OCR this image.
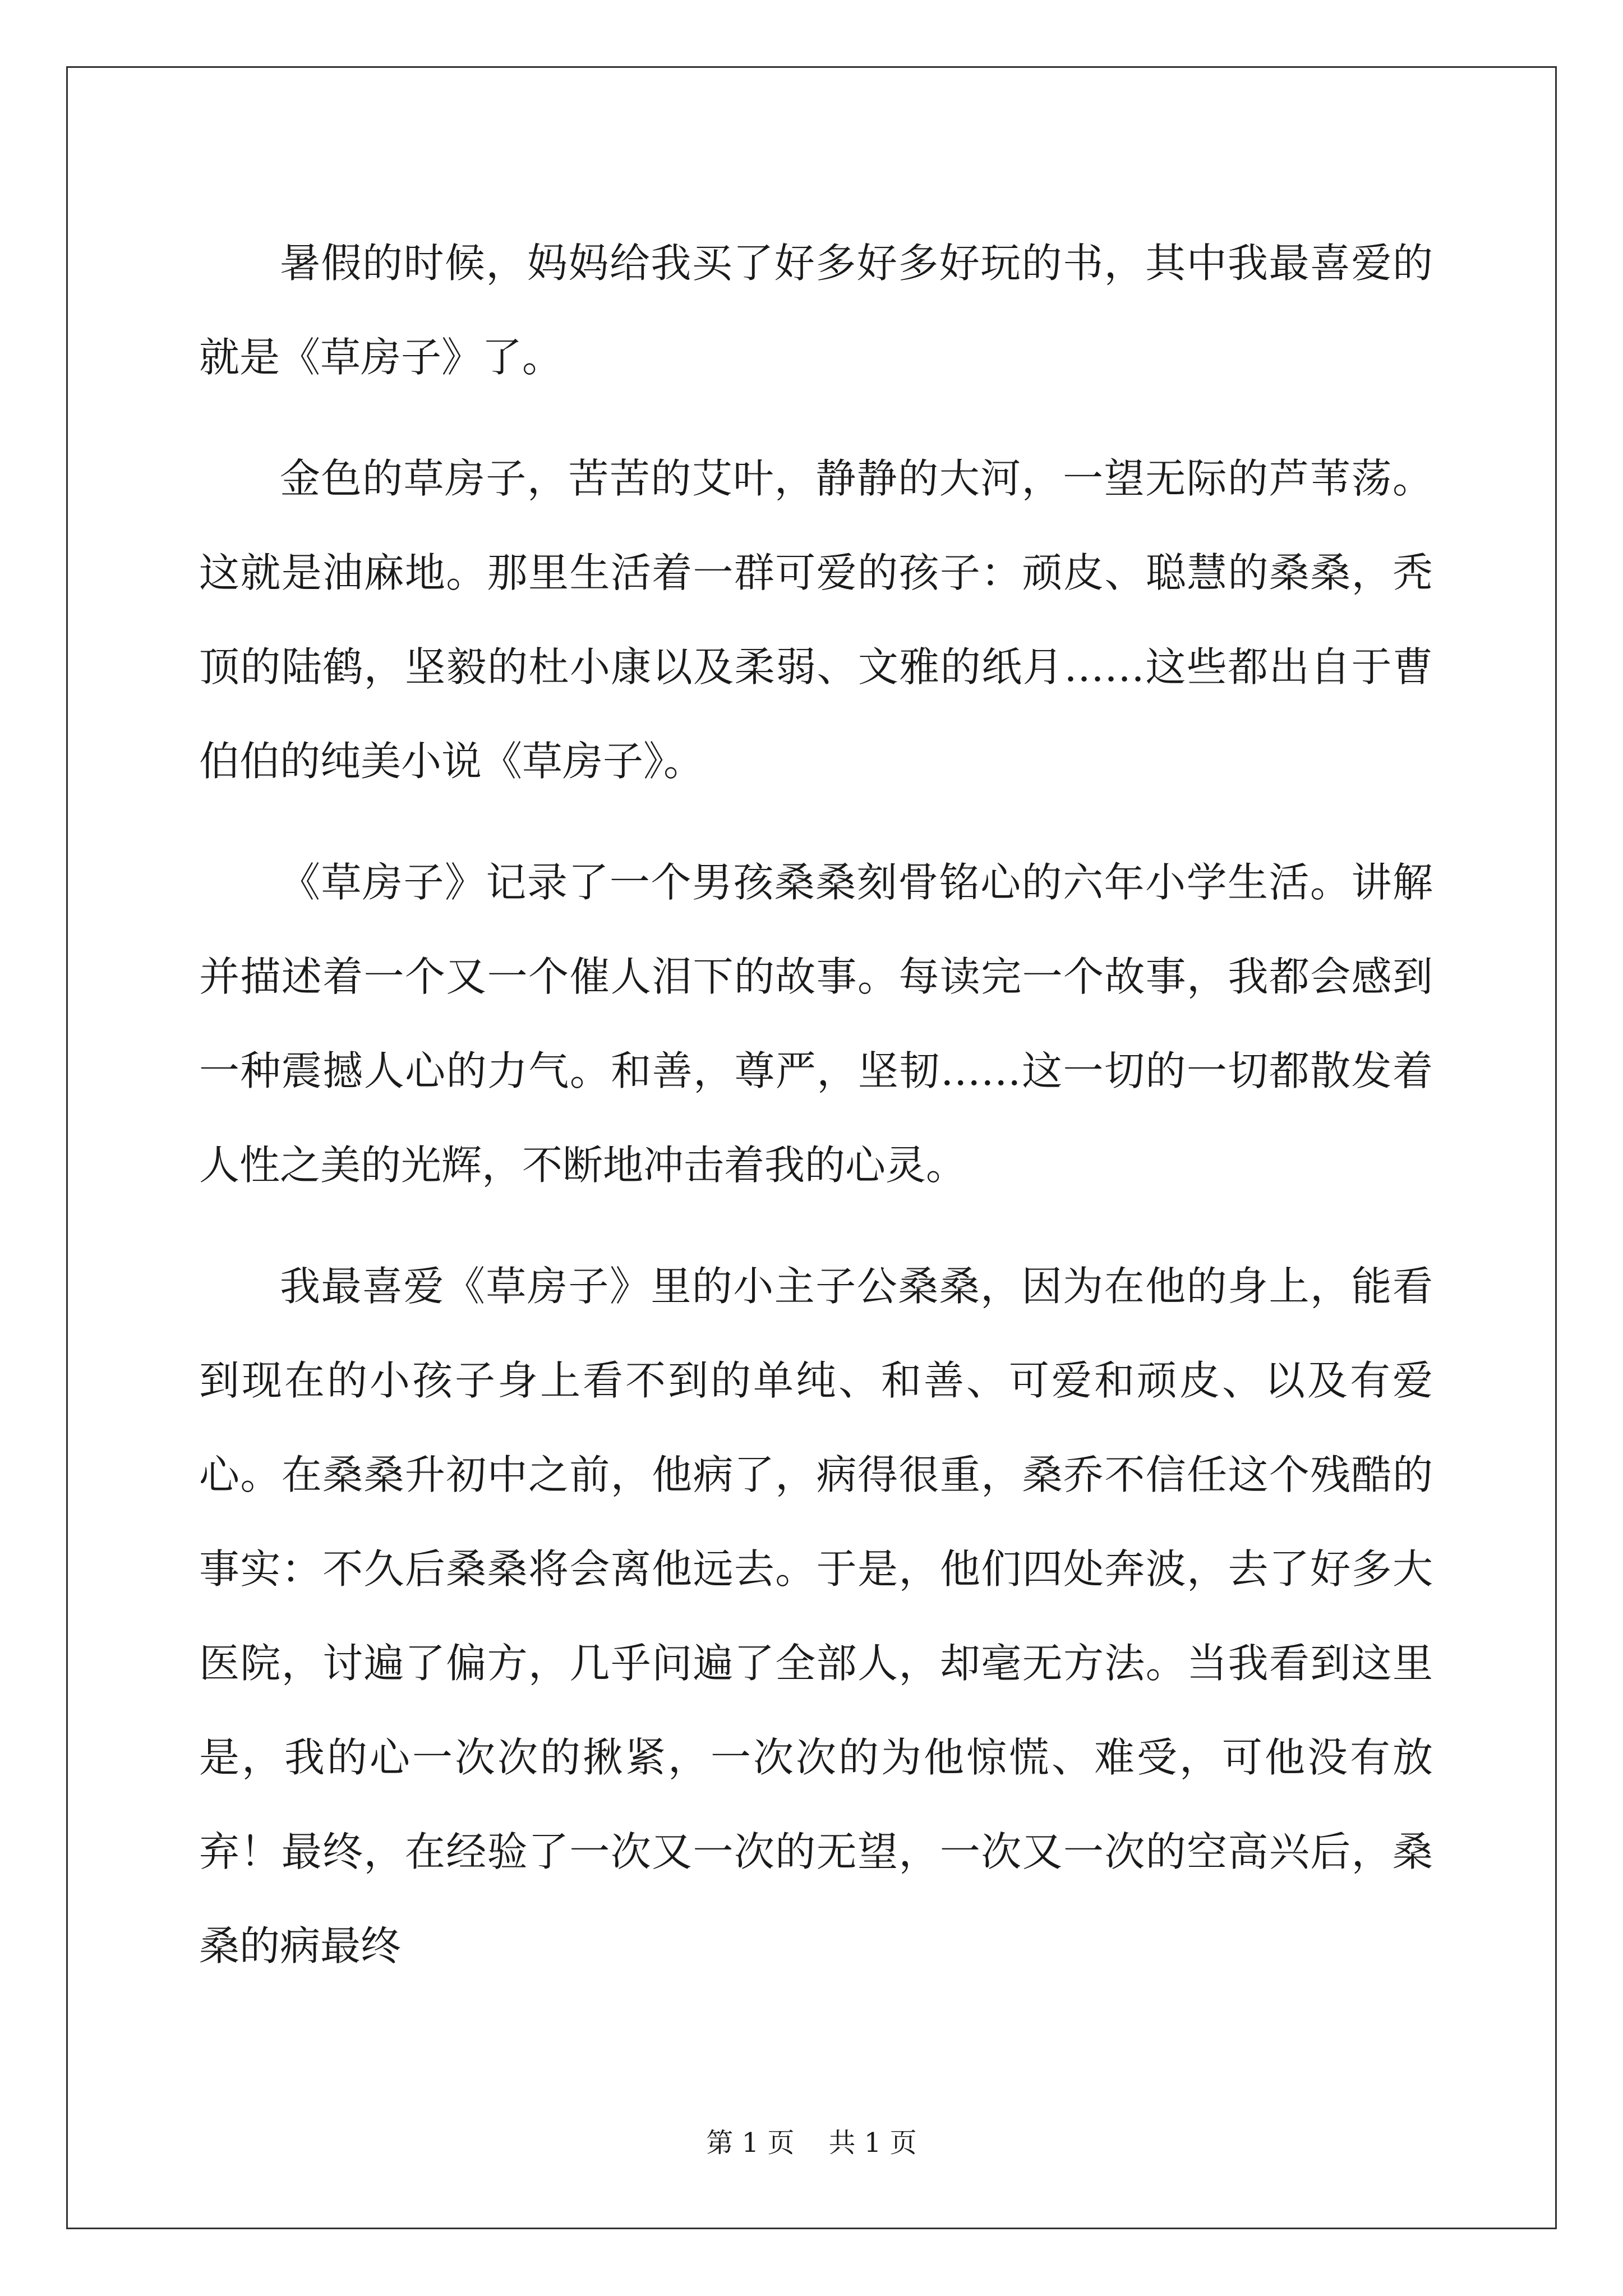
暑假的时候，妈妈给我买了好多好多好玩的书，其中我最喜爱的就是《草房子》了。

金色的草房子，苦苦的艾叶，静静的大河，一望无际的芦苇荡。这就是油麻地。那里生活着一群可爱的孩子：顽皮、聪慧的桑桑，秃顶的陆鹤，坚毅的杜小康以及柔弱、文雅的纸月……这些都出自于曹伯伯的纯美小说《草房子》。

《草房子》记录了一个男孩桑桑刻骨铭心的六年小学生活。讲解并描述着一个又一个催人泪下的故事。每读完一个故事，我都会感到一种震撼人心的力气。和善，尊严，坚韧……这一切的一切都散发着人性之美的光辉，不断地冲击着我的心灵。

我最喜爱《草房子》里的小主子公桑桑，因为在他的身上，能看到现在的小孩子身上看不到的单纯、和善、可爱和顽皮、以及有爱心。在桑桑升初中之前，他病了，病得很重，桑乔不信任这个残酷的事实：不久后桑桑将会离他远去。于是，他们四处奔波，去了好多大医院，讨遍了偏方，几乎问遍了全部人，却毫无方法。当我看到这里是，我的心一次次的揪紧，一次次的为他惊慌、难受，可他没有放弃！最终，在经验了一次又一次的无望，一次又一次的空高兴后，桑桑的病最终

第 1 页    共 1 页
